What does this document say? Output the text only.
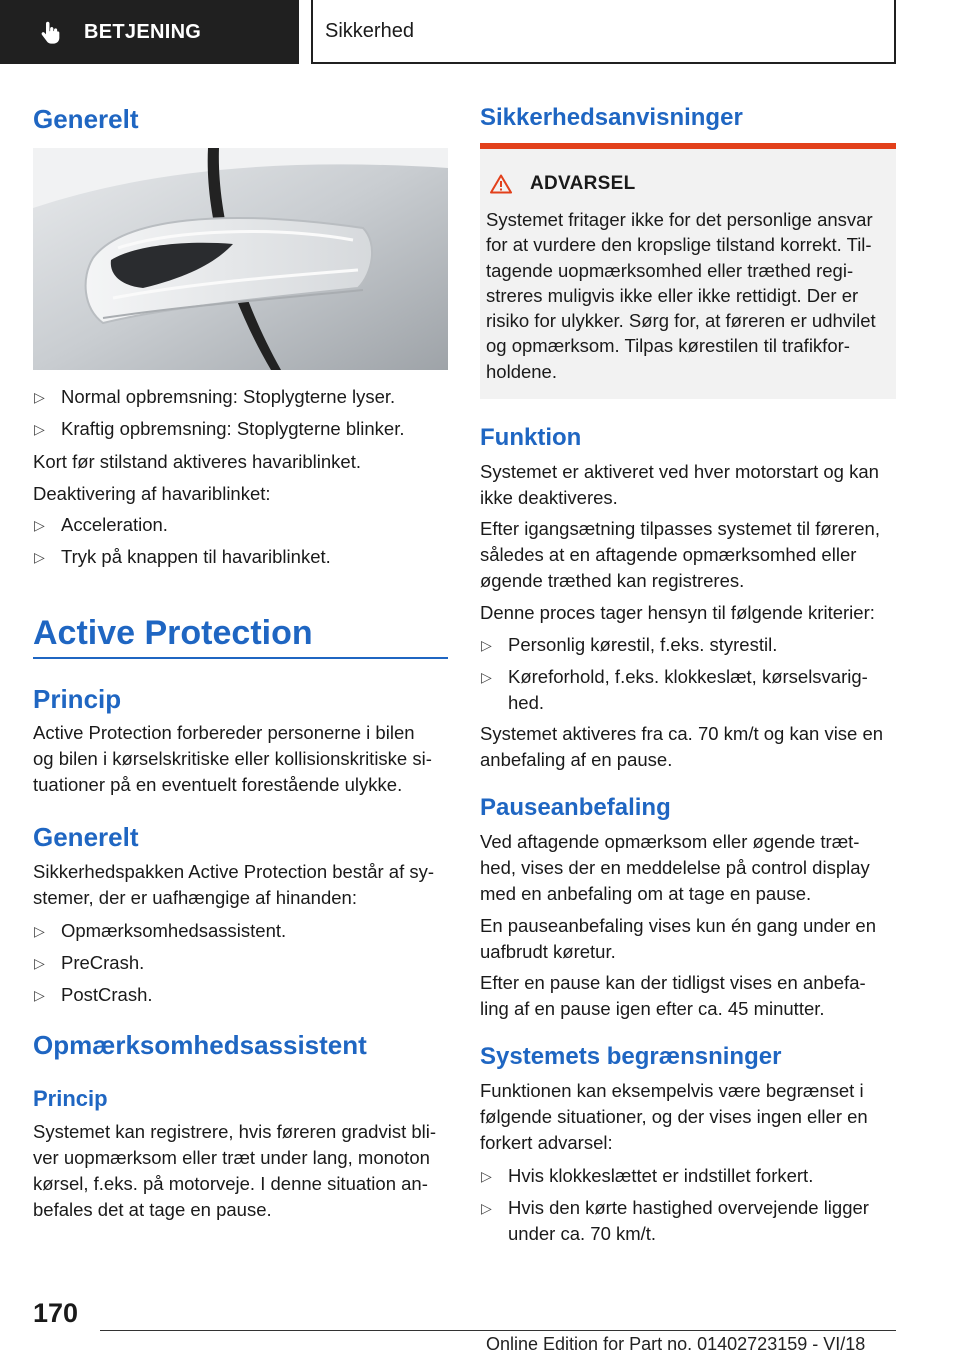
BETJENING	Sikkerhed
Generelt
▷ Normal opbremsning: Stoplygterne lyser.
▷ Kraftig opbremsning: Stoplygterne blinker.
Kort før stilstand aktiveres havariblinket.
Deaktivering af havariblinket:
▷ Acceleration.
▷ Tryk på knappen til havariblinket.
Active Protection
Princip
Active Protection forbereder personerne i bilen
og bilen i kørselskritiske eller kollisionskritiske si-
tuationer på en eventuelt forestående ulykke.
Generelt
Sikkerhedspakken Active Protection består af sy-
stemer, der er uafhængige af hinanden:
▷ Opmærksomhedsassistent.
▷ PreCrash.
▷ PostCrash.
Opmærksomhedsassistent
Princip
Systemet kan registrere, hvis føreren gradvist bli-
ver uopmærksom eller træt under lang, monoton
kørsel, f.eks. på motorveje. I denne situation an-
befales det at tage en pause.
Sikkerhedsanvisninger
ADVARSEL
Systemet fritager ikke for det personlige ansvar
for at vurdere den kropslige tilstand korrekt. Til-
tagende uopmærksomhed eller træthed regi-
streres muligvis ikke eller ikke rettidigt. Der er
risiko for ulykker. Sørg for, at føreren er udhvilet
og opmærksom. Tilpas kørestilen til trafikfor-
holdene.
Funktion
Systemet er aktiveret ved hver motorstart og kan
ikke deaktiveres.
Efter igangsætning tilpasses systemet til føreren,
således at en aftagende opmærksomhed eller
øgende træthed kan registreres.
Denne proces tager hensyn til følgende kriterier:
▷ Personlig kørestil, f.eks. styrestil.
▷ Køreforhold, f.eks. klokkeslæt, kørselsvarig-
hed.
Systemet aktiveres fra ca. 70 km/t og kan vise en
anbefaling af en pause.
Pauseanbefaling
Ved aftagende opmærksom eller øgende træt-
hed, vises der en meddelelse på control display
med en anbefaling om at tage en pause.
En pauseanbefaling vises kun én gang under en
uafbrudt køretur.
Efter en pause kan der tidligst vises en anbefa-
ling af en pause igen efter ca. 45 minutter.
Systemets begrænsninger
Funktionen kan eksempelvis være begrænset i
følgende situationer, og der vises ingen eller en
forkert advarsel:
▷ Hvis klokkeslættet er indstillet forkert.
▷ Hvis den kørte hastighed overvejende ligger
under ca. 70 km/t.
170
Online Edition for Part no. 01402723159 - VI/18
